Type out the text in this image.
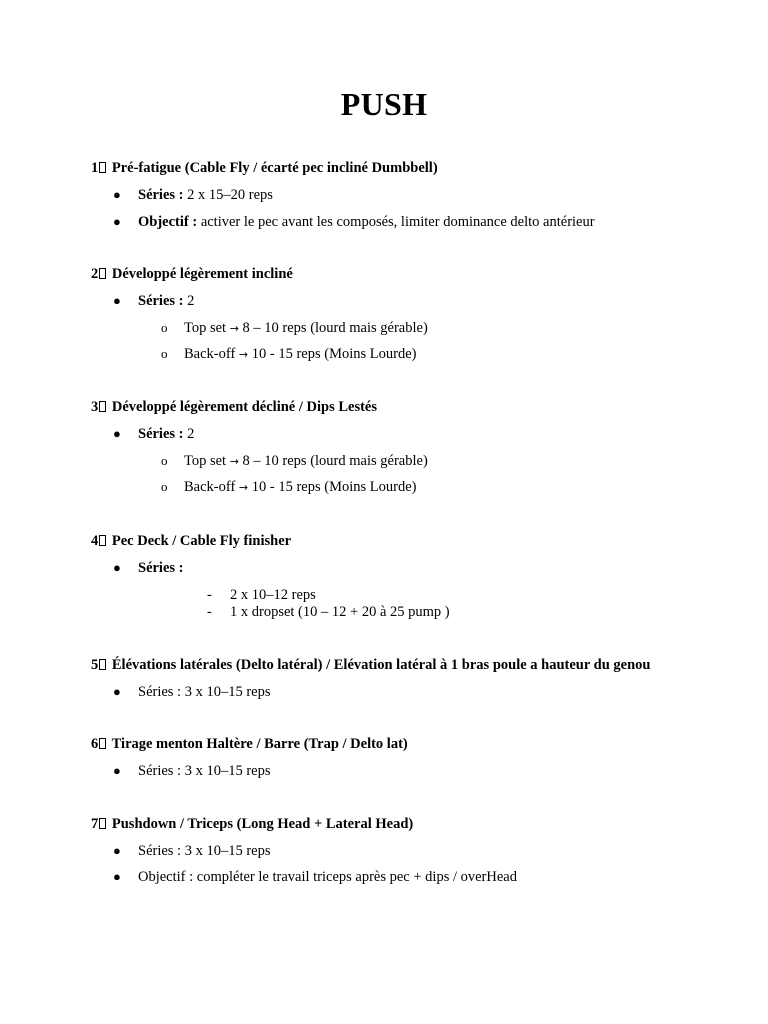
PUSH
1 Pré-fatigue (Cable Fly / écarté pec incliné Dumbbell)
● Séries : 2 x 15–20 reps
● Objectif : activer le pec avant les composés, limiter dominance delto antérieur
2 Développé légèrement incliné
● Séries : 2
o Top set → 8 – 10 reps (lourd mais gérable)
o Back-off → 10 - 15 reps (Moins Lourde)
3 Développé légèrement décliné / Dips Lestés
● Séries : 2
o Top set → 8 – 10 reps (lourd mais gérable)
o Back-off → 10 - 15 reps (Moins Lourde)
4 Pec Deck / Cable Fly finisher
● Séries :
- 2 x 10–12 reps
- 1 x dropset (10 – 12 + 20 à 25 pump )
5 Élévations latérales (Delto latéral) / Elévation latéral à 1 bras poule a hauteur du genou
● Séries : 3 x 10–15 reps
6 Tirage menton Haltère / Barre (Trap / Delto lat)
● Séries : 3 x 10–15 reps
7 Pushdown / Triceps (Long Head + Lateral Head)
● Séries : 3 x 10–15 reps
● Objectif : compléter le travail triceps après pec + dips / overHead
